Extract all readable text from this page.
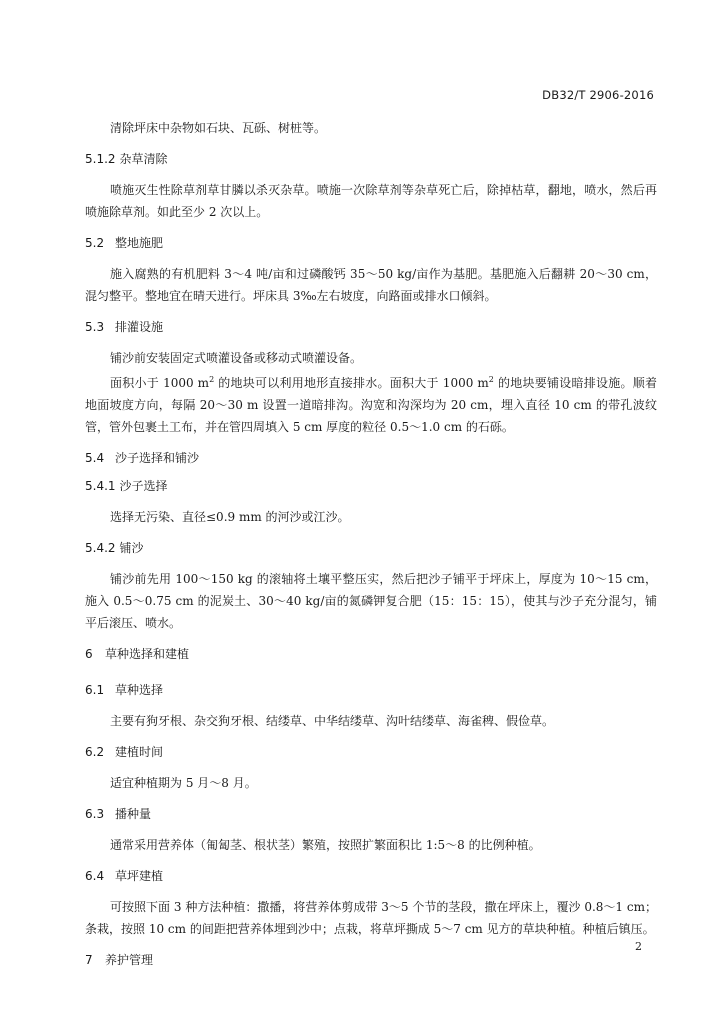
DB32/T 2906-2016

清除坪床中杂物如石块、瓦砾、树桩等。

5.1.2 杂草清除

喷施灭生性除草剂草甘膦以杀灭杂草。喷施一次除草剂等杂草死亡后，除掉枯草，翻地，喷水，然后再喷施除草剂。如此至少 2 次以上。

5.2 整地施肥

施入腐熟的有机肥料 3～4 吨/亩和过磷酸钙 35～50 kg/亩作为基肥。基肥施入后翻耕 20～30 cm，混匀整平。整地宜在晴天进行。坪床具 3‰左右坡度，向路面或排水口倾斜。

5.3 排灌设施

铺沙前安装固定式喷灌设备或移动式喷灌设备。

面积小于 1000 $m^2$ 的地块可以利用地形直接排水。面积大于 1000 $m^2$ 的地块要铺设暗排设施。顺着地面坡度方向，每隔 20～30 m 设置一道暗排沟。沟宽和沟深均为 20 cm，埋入直径 10 cm 的带孔波纹管，管外包裹土工布，并在管四周填入 5 cm 厚度的粒径 0.5～1.0 cm 的石砾。

5.4 沙子选择和铺沙
5.4.1 沙子选择

选择无污染、直径≤0.9 mm 的河沙或江沙。

5.4.2 铺沙

铺沙前先用 100～150 kg 的滚轴将土壤平整压实，然后把沙子铺平于坪床上，厚度为 10～15 cm，施入 0.5～0.75 cm 的泥炭土、30～40 kg/亩的氮磷钾复合肥（15：15：15），使其与沙子充分混匀，铺平后滚压、喷水。

6 草种选择和建植
6.1 草种选择

主要有狗牙根、杂交狗牙根、结缕草、中华结缕草、沟叶结缕草、海雀稗、假俭草。

6.2 建植时间

适宜种植期为 5 月～8 月。

6.3 播种量

通常采用营养体（匍匐茎、根状茎）繁殖，按照扩繁面积比 1:5～8 的比例种植。

6.4 草坪建植

可按照下面 3 种方法种植：撒播，将营养体剪成带 3～5 个节的茎段，撒在坪床上，覆沙 0.8～1 cm；条栽，按照 10 cm 的间距把营养体埋到沙中；点栽，将草坪撕成 5～7 cm 见方的草块种植。种植后镇压。

7 养护管理
2
